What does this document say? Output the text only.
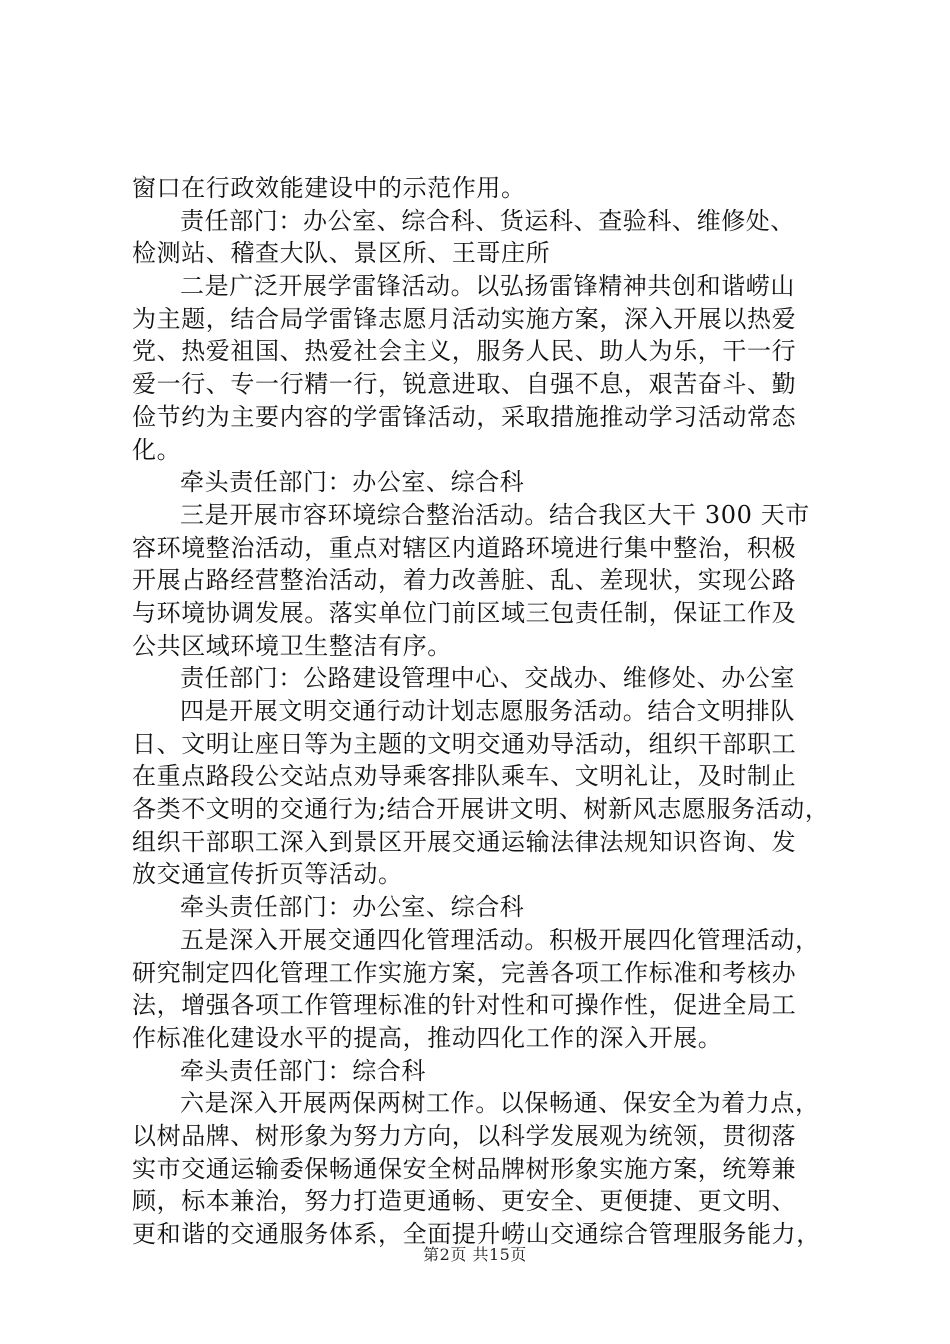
窗口在行政效能建设中的示范作用。
责任部门：办公室、综合科、货运科、查验科、维修处、
检测站、稽查大队、景区所、王哥庄所
二是广泛开展学雷锋活动。以弘扬雷锋精神共创和谐崂山
为主题，结合局学雷锋志愿月活动实施方案，深入开展以热爱
党、热爱祖国、热爱社会主义，服务人民、助人为乐，干一行
爱一行、专一行精一行，锐意进取、自强不息，艰苦奋斗、勤
俭节约为主要内容的学雷锋活动，采取措施推动学习活动常态
化。
牵头责任部门：办公室、综合科
三是开展市容环境综合整治活动。结合我区大干 300 天市
容环境整治活动，重点对辖区内道路环境进行集中整治，积极
开展占路经营整治活动，着力改善脏、乱、差现状，实现公路
与环境协调发展。落实单位门前区域三包责任制，保证工作及
公共区域环境卫生整洁有序。
责任部门：公路建设管理中心、交战办、维修处、办公室
四是开展文明交通行动计划志愿服务活动。结合文明排队
日、文明让座日等为主题的文明交通劝导活动，组织干部职工
在重点路段公交站点劝导乘客排队乘车、文明礼让，及时制止
各类不文明的交通行为;结合开展讲文明、树新风志愿服务活动，
组织干部职工深入到景区开展交通运输法律法规知识咨询、发
放交通宣传折页等活动。
牵头责任部门：办公室、综合科
五是深入开展交通四化管理活动。积极开展四化管理活动，
研究制定四化管理工作实施方案，完善各项工作标准和考核办
法，增强各项工作管理标准的针对性和可操作性，促进全局工
作标准化建设水平的提高，推动四化工作的深入开展。
牵头责任部门：综合科
六是深入开展两保两树工作。以保畅通、保安全为着力点，
以树品牌、树形象为努力方向，以科学发展观为统领，贯彻落
实市交通运输委保畅通保安全树品牌树形象实施方案，统筹兼
顾，标本兼治，努力打造更通畅、更安全、更便捷、更文明、
更和谐的交通服务体系，全面提升崂山交通综合管理服务能力，
第2页 共15页
